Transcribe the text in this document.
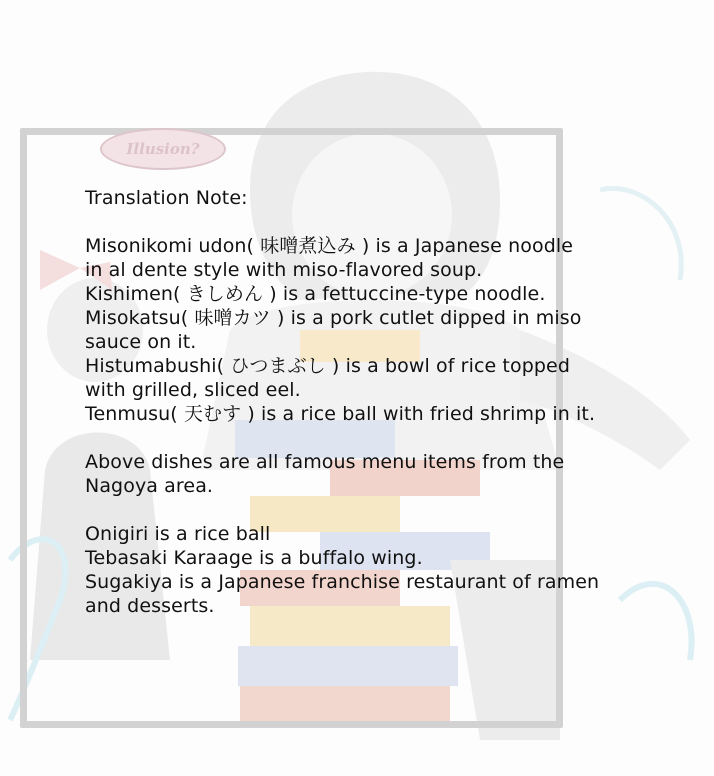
Illusion?
Translation Note:
Misonikomi udon( 味噌煮込み ) is a Japanese noodle
in al dente style with miso-flavored soup.
Kishimen( きしめん ) is a fettuccine-type noodle.
Misokatsu( 味噌カツ ) is a pork cutlet dipped in miso
sauce on it.
Histumabushi( ひつまぶし ) is a bowl of rice topped
with grilled, sliced eel.
Tenmusu( 天むす ) is a rice ball with fried shrimp in it.
Above dishes are all famous menu items from the
Nagoya area.
Onigiri is a rice ball
Tebasaki Karaage is a buffalo wing.
Sugakiya is a Japanese franchise restaurant of ramen
and desserts.
